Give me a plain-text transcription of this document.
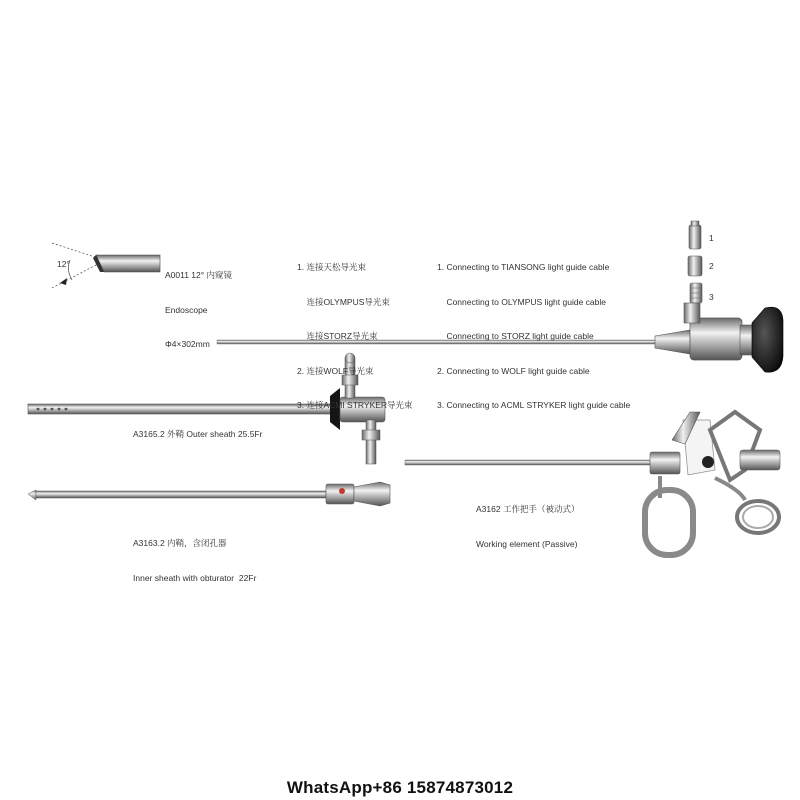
A0011 12° 内窥镜

Endoscope

Φ4×302mm

12°

	1. 连接天松导光束

连接OLYMPUS导光束

连接STORZ导光束

2. 连接WOLF导光束

3. 连接ACMI STRYKER导光束

1. Connecting to TIANSONG light guide cable

Connecting to OLYMPUS light guide cable

Connecting to STORZ light guide cable

2. Connecting to WOLF light guide cable

3. Connecting to ACML STRYKER light guide cable

1
2
3
A3165.2 外鞘 Outer sheath 25.5Fr

A3163.2 内鞘，含闭孔器

Inner sheath with obturator  22Fr

A3162 工作把手（被动式）

Working element (Passive)

WhatsApp+86 15874873012
